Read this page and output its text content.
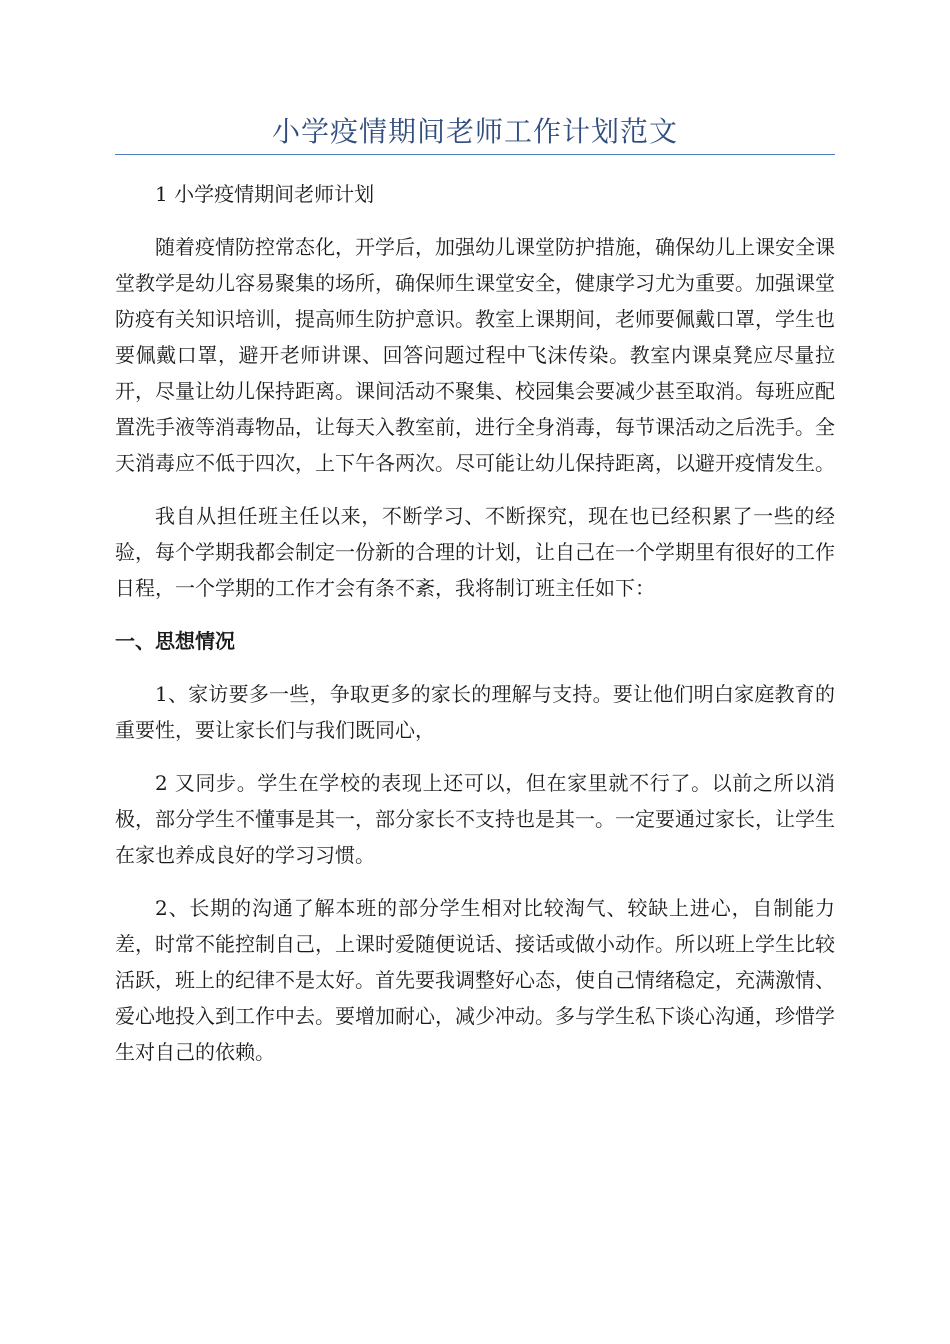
小学疫情期间老师工作计划范文

1 小学疫情期间老师计划

随着疫情防控常态化，开学后，加强幼儿课堂防护措施，确保幼儿上课安全课堂教学是幼儿容易聚集的场所，确保师生课堂安全，健康学习尤为重要。加强课堂防疫有关知识培训，提高师生防护意识。教室上课期间，老师要佩戴口罩，学生也要佩戴口罩，避开老师讲课、回答问题过程中飞沫传染。教室内课桌凳应尽量拉开，尽量让幼儿保持距离。课间活动不聚集、校园集会要减少甚至取消。每班应配置洗手液等消毒物品，让每天入教室前，进行全身消毒，每节课活动之后洗手。全天消毒应不低于四次，上下午各两次。尽可能让幼儿保持距离，以避开疫情发生。

我自从担任班主任以来，不断学习、不断探究，现在也已经积累了一些的经验，每个学期我都会制定一份新的合理的计划，让自己在一个学期里有很好的工作日程，一个学期的工作才会有条不紊，我将制订班主任如下：

一、思想情况

1、家访要多一些，争取更多的家长的理解与支持。要让他们明白家庭教育的重要性，要让家长们与我们既同心，

2 又同步。学生在学校的表现上还可以，但在家里就不行了。以前之所以消极，部分学生不懂事是其一，部分家长不支持也是其一。一定要通过家长，让学生在家也养成良好的学习习惯。

2、长期的沟通了解本班的部分学生相对比较淘气、较缺上进心，自制能力差，时常不能控制自己，上课时爱随便说话、接话或做小动作。所以班上学生比较活跃，班上的纪律不是太好。首先要我调整好心态，使自己情绪稳定，充满激情、爱心地投入到工作中去。要增加耐心，减少冲动。多与学生私下谈心沟通，珍惜学生对自己的依赖。
